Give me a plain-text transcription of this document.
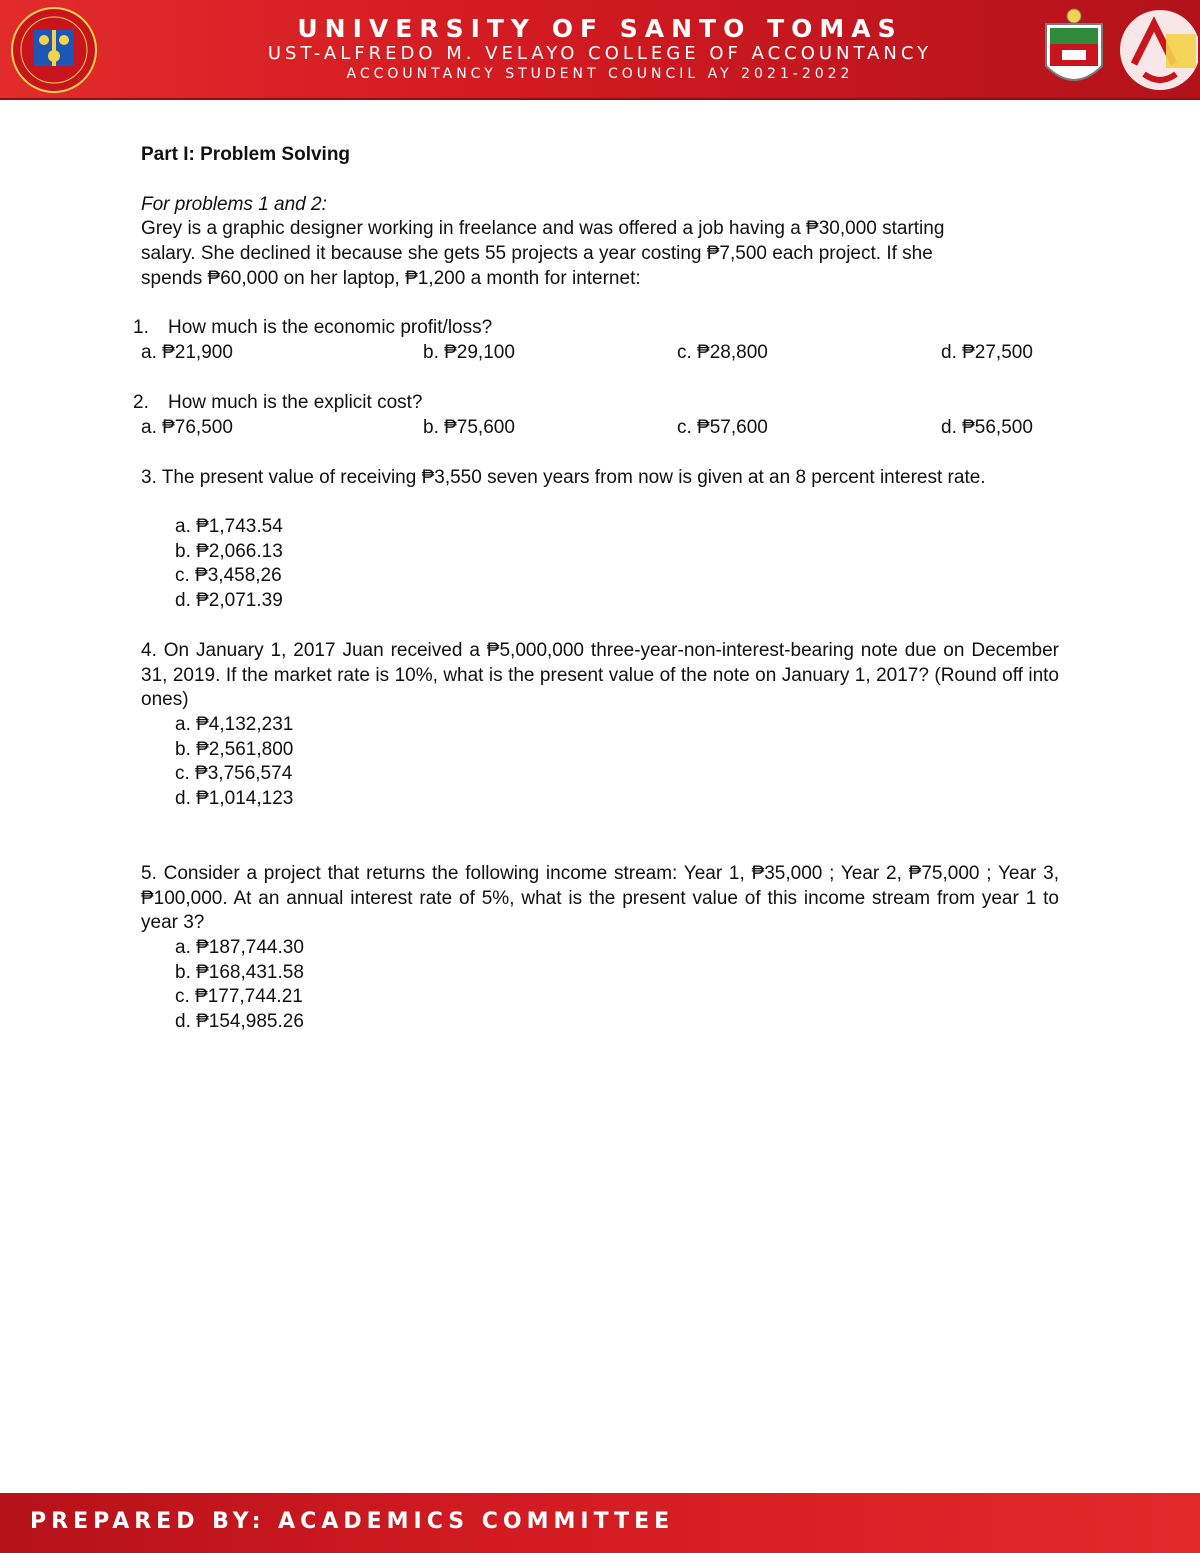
UNIVERSITY OF SANTO TOMAS
UST-ALFREDO M. VELAYO COLLEGE OF ACCOUNTANCY
ACCOUNTANCY STUDENT COUNCIL AY 2021-2022
Part I: Problem Solving
For problems 1 and 2:
Grey is a graphic designer working in freelance and was offered a job having a ₱30,000 starting
salary. She declined it because she gets 55 projects a year costing ₱7,500 each project. If she
spends ₱60,000 on her laptop, ₱1,200 a month for internet:
1. How much is the economic profit/loss?
a. ₱21,900	b. ₱29,100	c. ₱28,800	d. ₱27,500
2. How much is the explicit cost?
a. ₱76,500	b. ₱75,600	c. ₱57,600	d. ₱56,500
3. The present value of receiving ₱3,550 seven years from now is given at an 8 percent interest rate.
a. ₱1,743.54
b. ₱2,066.13
c. ₱3,458,26
d. ₱2,071.39
4. On January 1, 2017 Juan received a ₱5,000,000 three-year-non-interest-bearing note due on December 31, 2019. If the market rate is 10%, what is the present value of the note on January 1, 2017? (Round off into ones)
a. ₱4,132,231
b. ₱2,561,800
c. ₱3,756,574
d. ₱1,014,123
5. Consider a project that returns the following income stream: Year 1, ₱35,000 ; Year 2, ₱75,000 ; Year 3, ₱100,000. At an annual interest rate of 5%, what is the present value of this income stream from year 1 to year 3?
a. ₱187,744.30
b. ₱168,431.58
c. ₱177,744.21
d. ₱154,985.26
PREPARED BY: ACADEMICS COMMITTEE
